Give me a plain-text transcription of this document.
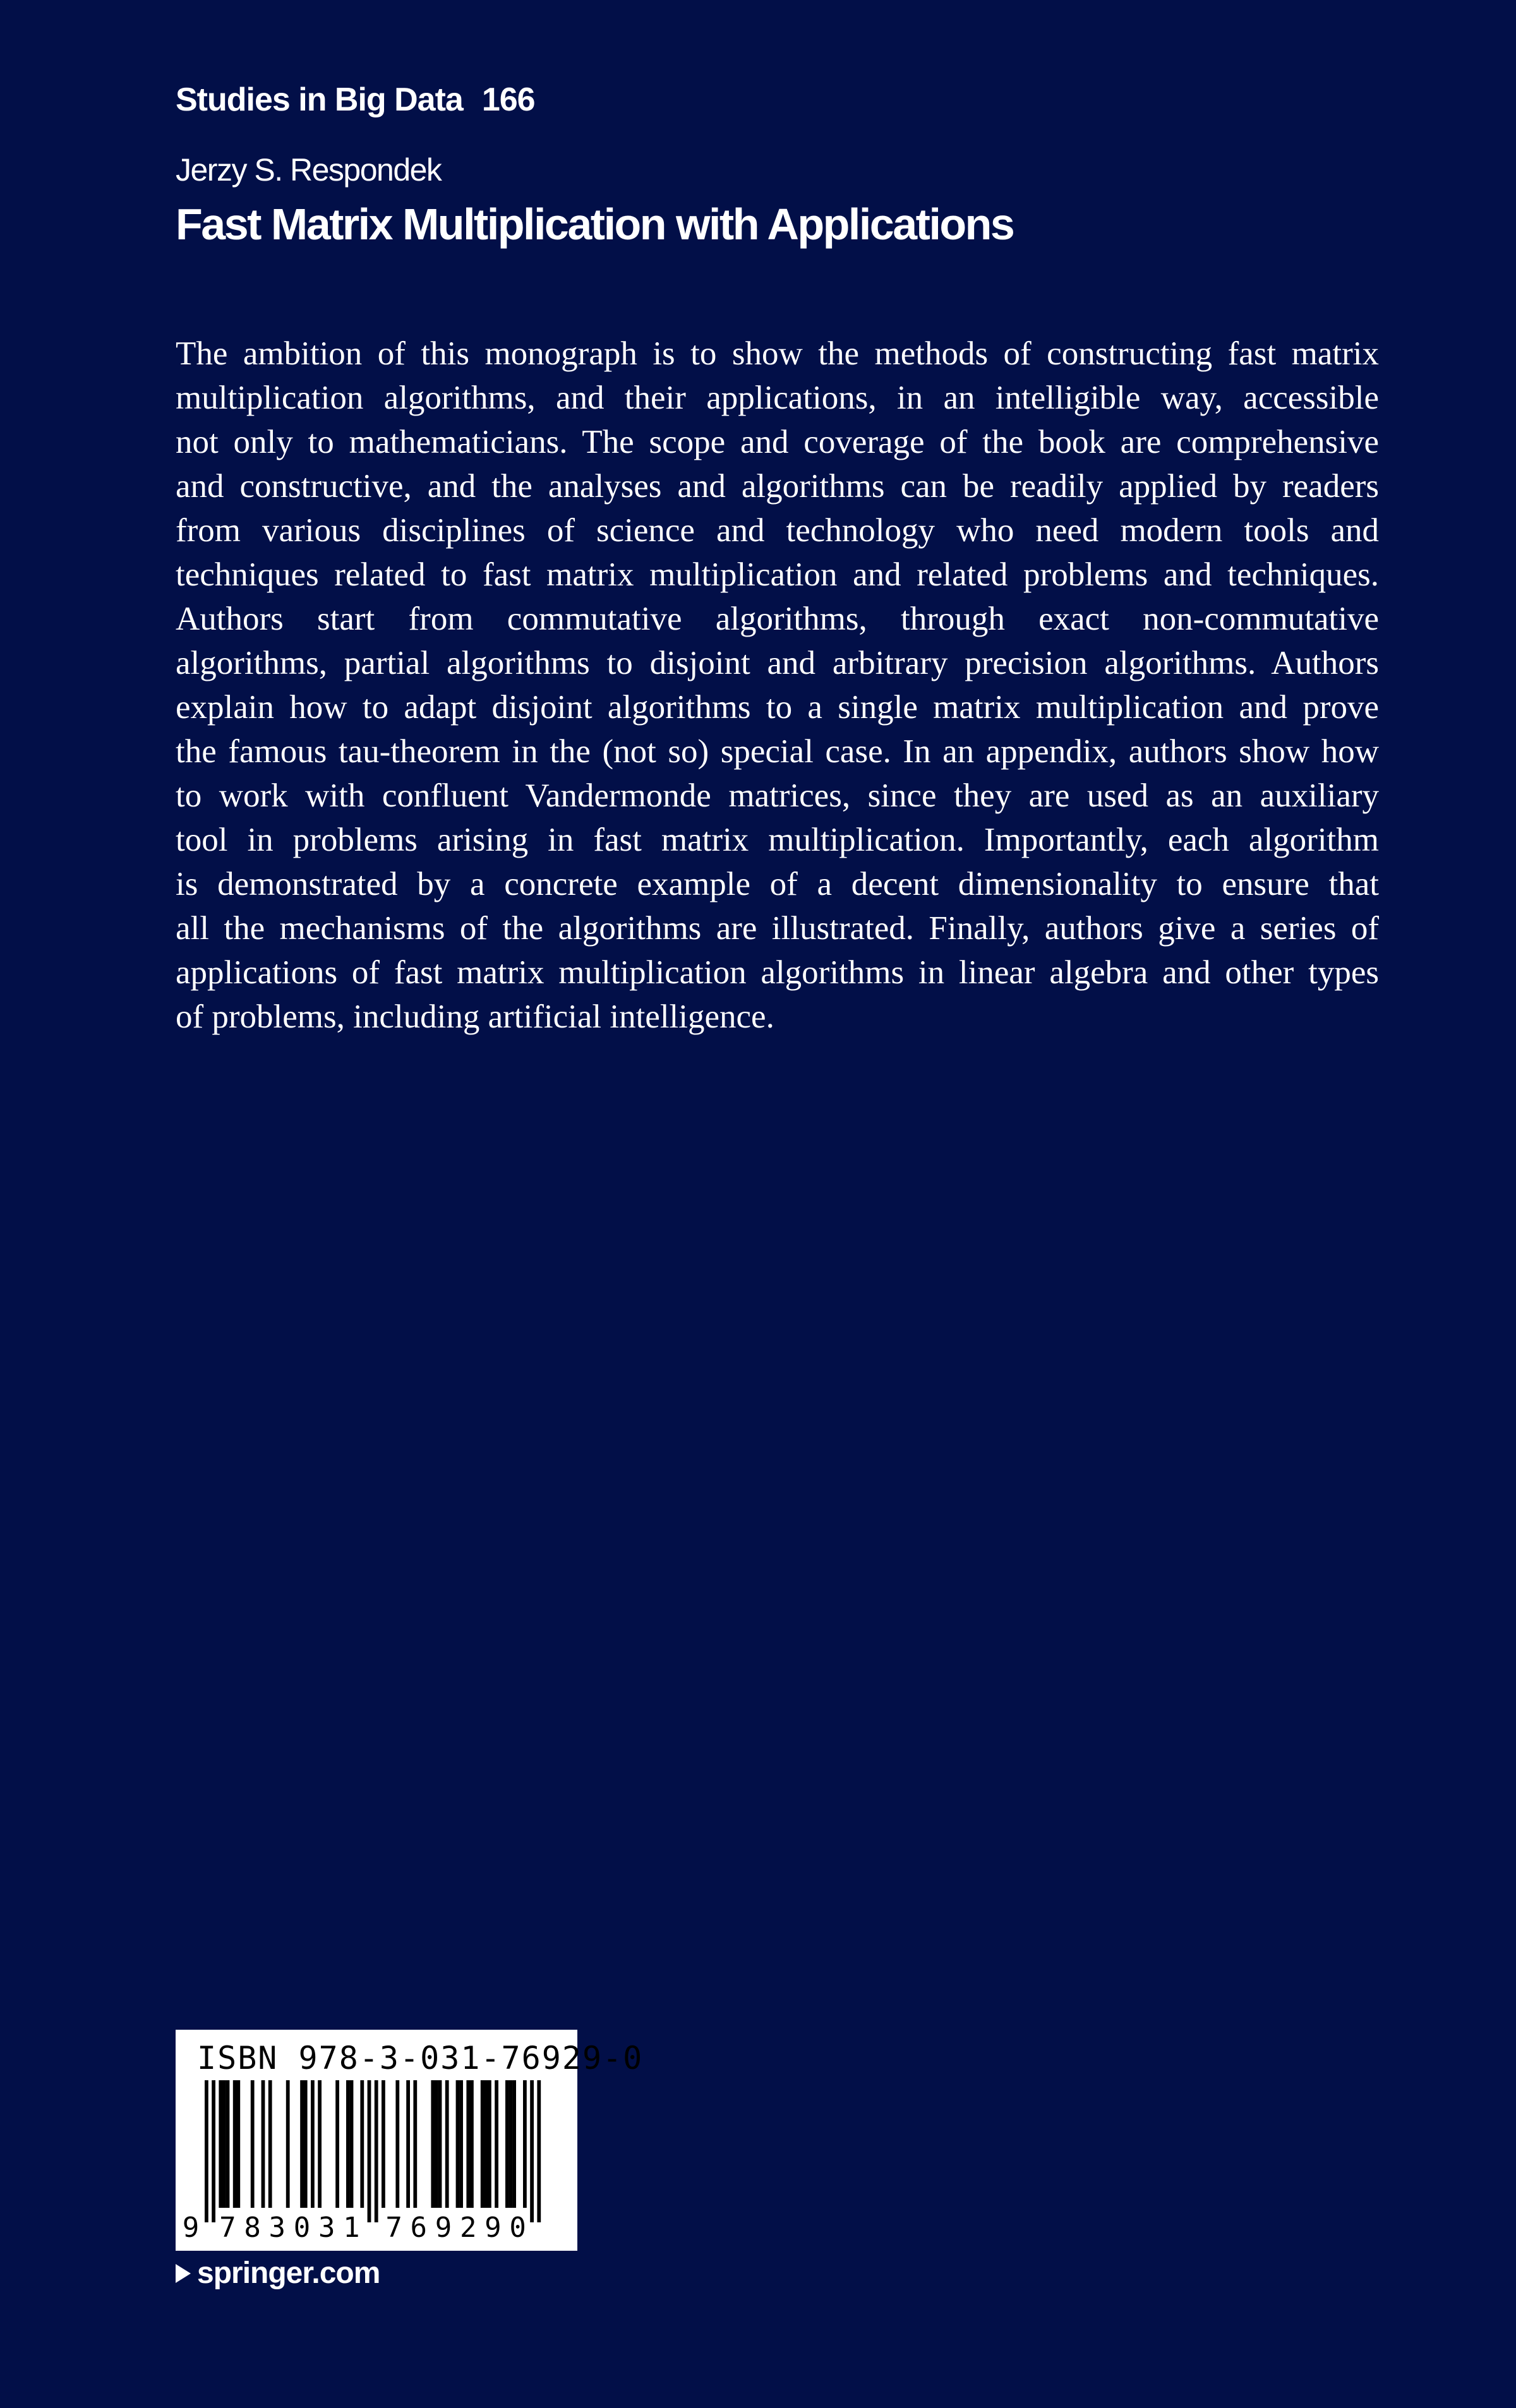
Studies in Big Data 166
Jerzy S. Respondek
Fast Matrix Multiplication with Applications
The ambition of this monograph is to show the methods of constructing fast matrix
multiplication algorithms, and their applications, in an intelligible way, accessible
not only to mathematicians. The scope and coverage of the book are comprehensive
and constructive, and the analyses and algorithms can be readily applied by readers
from various disciplines of science and technology who need modern tools and
techniques related to fast matrix multiplication and related problems and techniques.
Authors start from commutative algorithms, through exact non-commutative
algorithms, partial algorithms to disjoint and arbitrary precision algorithms. Authors
explain how to adapt disjoint algorithms to a single matrix multiplication and prove
the famous tau-theorem in the (not so) special case. In an appendix, authors show how
to work with confluent Vandermonde matrices, since they are used as an auxiliary
tool in problems arising in fast matrix multiplication. Importantly, each algorithm
is demonstrated by a concrete example of a decent dimensionality to ensure that
all the mechanisms of the algorithms are illustrated. Finally, authors give a series of
applications of fast matrix multiplication algorithms in linear algebra and other types
of problems, including artificial intelligence.
ISBN 978-3-031-76929-0
9 7 8 3 0 3 1 7 6 9 2 9 0
springer.com
